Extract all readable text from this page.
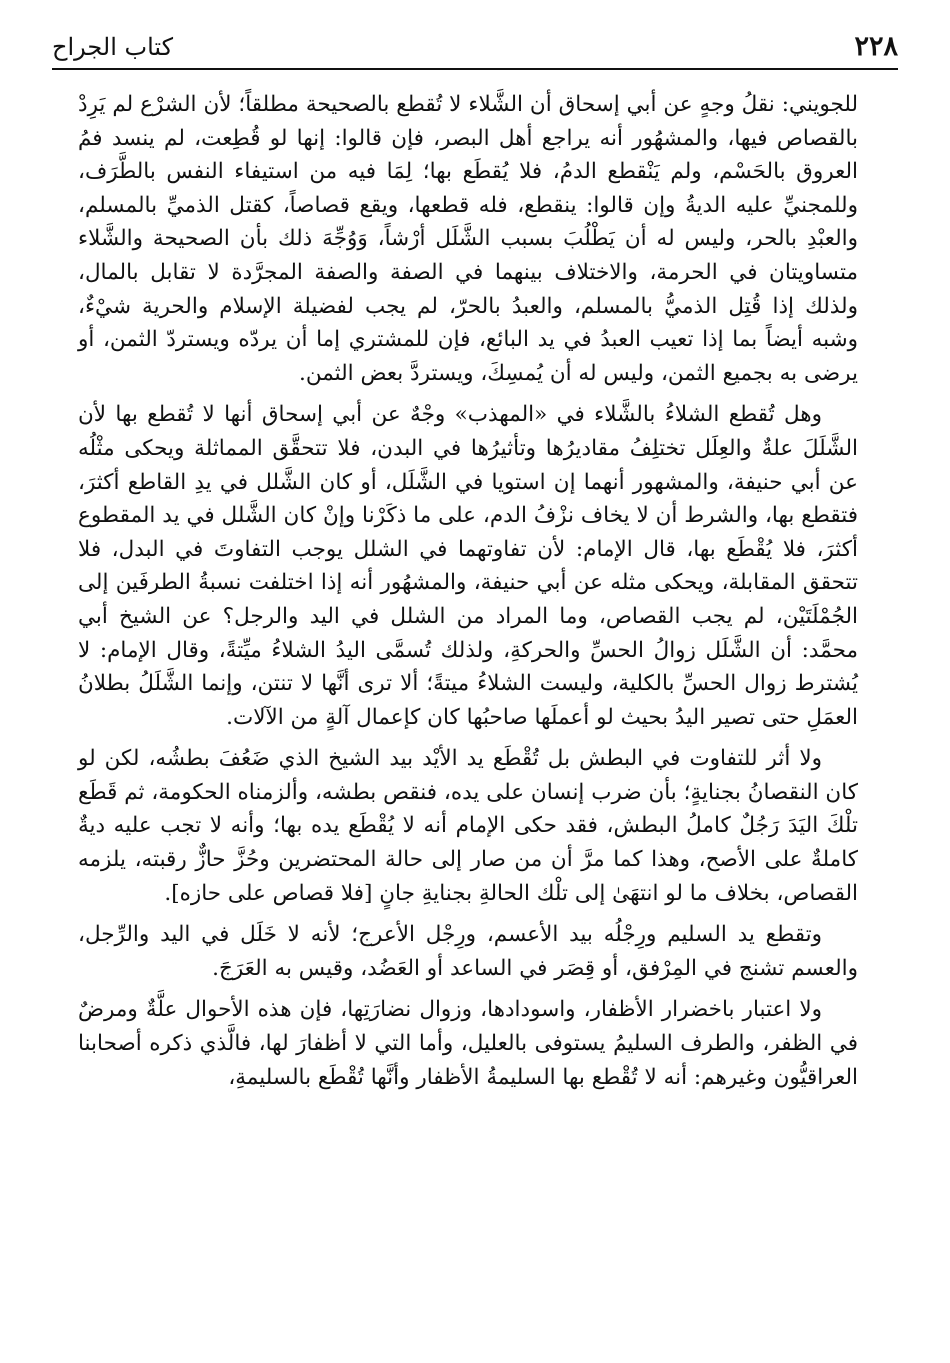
٢٢٨
كتاب الجراح

للجويني: نقلُ وجهٍ عن أبي إسحاق أن الشَّلاء لا تُقطع بالصحيحة مطلقاً؛ لأن الشرْع لم يَرِدْ بالقصاص فيها، والمشهُور أنه يراجع أهل البصر، فإن قالوا: إنها لو قُطِعت، لم ينسد فمُ العروق بالحَسْم، ولم يَنْقطع الدمُ، فلا يُقطَع بها؛ لِمَا فيه من استيفاء النفس بالطَّرَف، وللمجنيِّ عليه الديةُ وإن قالوا: ينقطع، فله قطعها، ويقع قصاصاً، كقتل الذميِّ بالمسلم، والعبْدِ بالحر، وليس له أن يَطْلُبَ بسبب الشَّلَل أرْشاً، وَوُجِّهَ ذلك بأن الصحيحة والشَّلاء متساويتان في الحرمة، والاختلاف بينهما في الصفة والصفة المجرَّدة لا تقابل بالمال، ولذلك إذا قُتِل الذميُّ بالمسلم، والعبدُ بالحرّ، لم يجب لفضيلة الإسلام والحرية شيْءٌ، وشبه أيضاً بما إذا تعيب العبدُ في يد البائع، فإن للمشتري إما أن يردّه ويستردّ الثمن، أو يرضى به بجميع الثمن، وليس له أن يُمسِكَ، ويستردَّ بعض الثمن.

وهل تُقطع الشلاءُ بالشَّلاء في «المهذب» وجْهٌ عن أبي إسحاق أنها لا تُقطع بها لأن الشَّلَلَ علةٌ والعِلَل تختلِفُ مقاديرُها وتأثيرُها في البدن، فلا تتحقَّق المماثلة ويحكى مثْلُه عن أبي حنيفة، والمشهور أنهما إن استويا في الشَّلَل، أو كان الشَّلل في يدِ القاطع أكثرَ، فتقطع بها، والشرط أن لا يخاف نزْفُ الدم، على ما ذكَرْنا وإنْ كان الشَّلل في يد المقطوع أكثرَ، فلا يُقْطَع بها، قال الإمام: لأن تفاوتهما في الشلل يوجب التفاوتَ في البدل، فلا تتحقق المقابلة، ويحكى مثله عن أبي حنيفة، والمشهُور أنه إذا اختلفت نسبةُ الطرفَين إلى الجُمْلَتَيْن، لم يجب القصاص، وما المراد من الشلل في اليد والرجل؟ عن الشيخ أبي محمَّد: أن الشَّلَل زوالُ الحسِّ والحركةِ، ولذلك تُسمَّى اليدُ الشلاءُ ميِّتةً، وقال الإمام: لا يُشترط زوال الحسِّ بالكلية، وليست الشلاءُ ميتةً؛ ألا ترى أنَّها لا تنتن، وإنما الشَّلَلُ بطلانُ العمَلِ حتى تصير اليدُ بحيث لو أعملَها صاحبُها كان كإعمال آلةٍ من الآلات.

ولا أثر للتفاوت في البطش بل تُقْطَع يد الأيْد بيد الشيخ الذي ضَعُفَ بطشُه، لكن لو كان النقصانُ بجنايةٍ؛ بأن ضرب إنسان على يده، فنقص بطشه، وألزمناه الحكومة، ثم قَطَع تلْكَ اليَدَ رَجُلٌ كاملُ البطش، فقد حكى الإمام أنه لا يُقْطَع يده بها؛ وأنه لا تجب عليه ديةٌ كاملةٌ على الأصح، وهذا كما مرَّ أن من صار إلى حالة المحتضرين وحُزَّ حازٌّ رقبته، يلزمه القصاص، بخلاف ما لو انتهَىٰ إلى تلْك الحالةِ بجنايةِ جانٍ [فلا قصاص على حازه].

وتقطع يد السليم ورِجْلُه بيد الأعسم، ورِجْل الأعرج؛ لأنه لا خَلَل في اليد والرِّجل، والعسم تشنج في المِرْفق، أو قِصَر في الساعد أو العَضُد، وقيس به العَرَجَ.

ولا اعتبار باخضرار الأظفار، واسودادها، وزوال نضارَتِها، فإن هذه الأحوال علَّةٌ ومرضٌ في الظفر، والطرف السليمُ يستوفى بالعليل، وأما التي لا أظفارَ لها، فالَّذي ذكره أصحابنا العراقيُّون وغيرهم: أنه لا تُقْطع بها السليمةُ الأظفار وأنَّها تُقْطَع بالسليمةِ،
